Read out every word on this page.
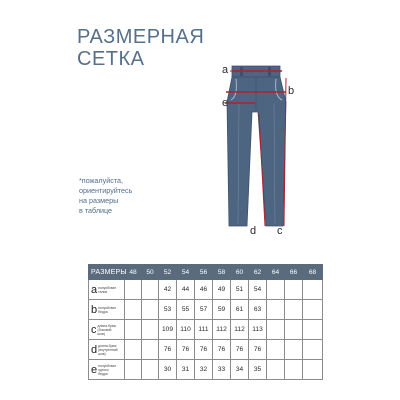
РАЗМЕРНАЯ
СЕТКА	a
b
e
d c
*пожалуйста,
ориентируйтесь
на размеры
в таблице
РАЗМЕРЫ	48	50	52	54	56	58	60	62	64	66	68
aполуобхват талии			42	44	46	49	51	54			
bполуобхват бедра			53	55	57	59	61	63			
cдлина брюк (боковой шов)			109	110	111	112	112	113			
dдлина брюк (внутренний шов)			76	76	76	76	76	76			
eполуобхват одного бедра			30	31	32	33	34	35			
